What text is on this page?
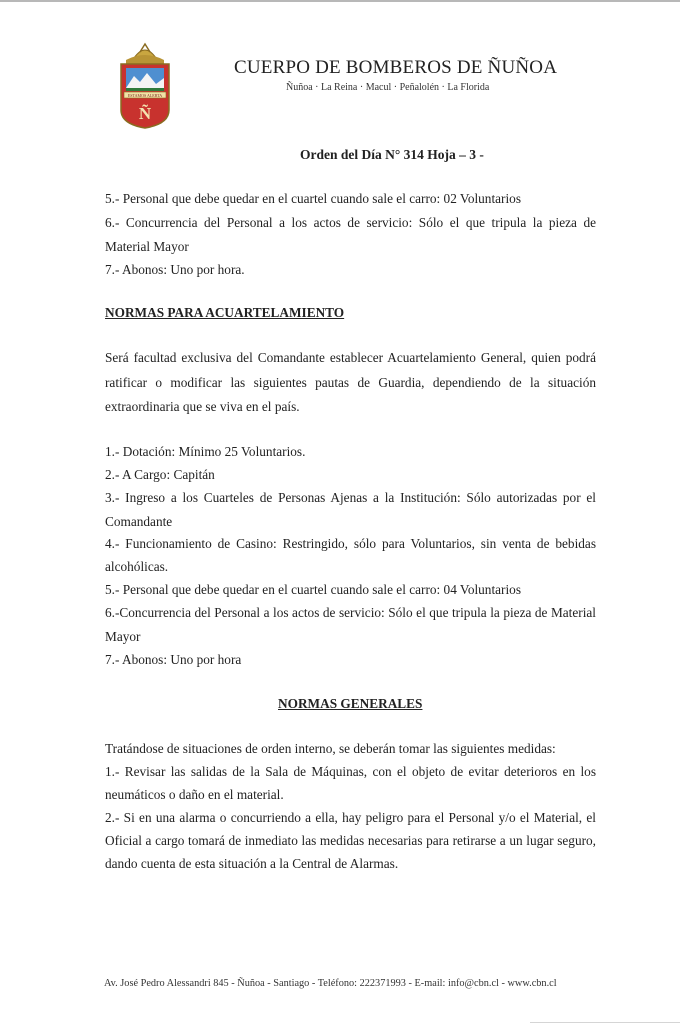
ESTAMOS ALERTA
Ñ
CUERPO DE BOMBEROS DE ÑUÑOA
Ñuñoa · La Reina · Macul · Peñalolén · La Florida
Orden del Día N° 314 Hoja – 3 -
5.- Personal que debe quedar en el cuartel cuando sale el carro: 02 Voluntarios
6.- Concurrencia del Personal a los actos de servicio: Sólo el que tripula la pieza de
Material Mayor
7.- Abonos: Uno por hora.
NORMAS PARA ACUARTELAMIENTO
Será facultad exclusiva del Comandante establecer Acuartelamiento General, quien podrá
ratificar o modificar las siguientes pautas de Guardia, dependiendo de la situación
extraordinaria que se viva en el país.
1.- Dotación: Mínimo 25 Voluntarios.
2.- A Cargo: Capitán
3.- Ingreso a los Cuarteles de Personas Ajenas a la Institución: Sólo autorizadas por el
Comandante
4.- Funcionamiento de Casino: Restringido, sólo para Voluntarios, sin venta de bebidas
alcohólicas.
5.- Personal que debe quedar en el cuartel cuando sale el carro: 04 Voluntarios
6.-Concurrencia del Personal a los actos de servicio: Sólo el que tripula la pieza de Material
Mayor
7.- Abonos: Uno por hora
NORMAS GENERALES
Tratándose de situaciones de orden interno, se deberán tomar las siguientes medidas:
1.- Revisar las salidas de la Sala de Máquinas, con el objeto de evitar deterioros en los
neumáticos o daño en el material.
2.- Si en una alarma o concurriendo a ella, hay peligro para el Personal y/o el Material, el
Oficial a cargo tomará de inmediato las medidas necesarias para retirarse a un lugar seguro,
dando cuenta de esta situación a la Central de Alarmas.
Av. José Pedro Alessandri 845 - Ñuñoa - Santiago - Teléfono: 222371993 - E-mail: info@cbn.cl - www.cbn.cl
